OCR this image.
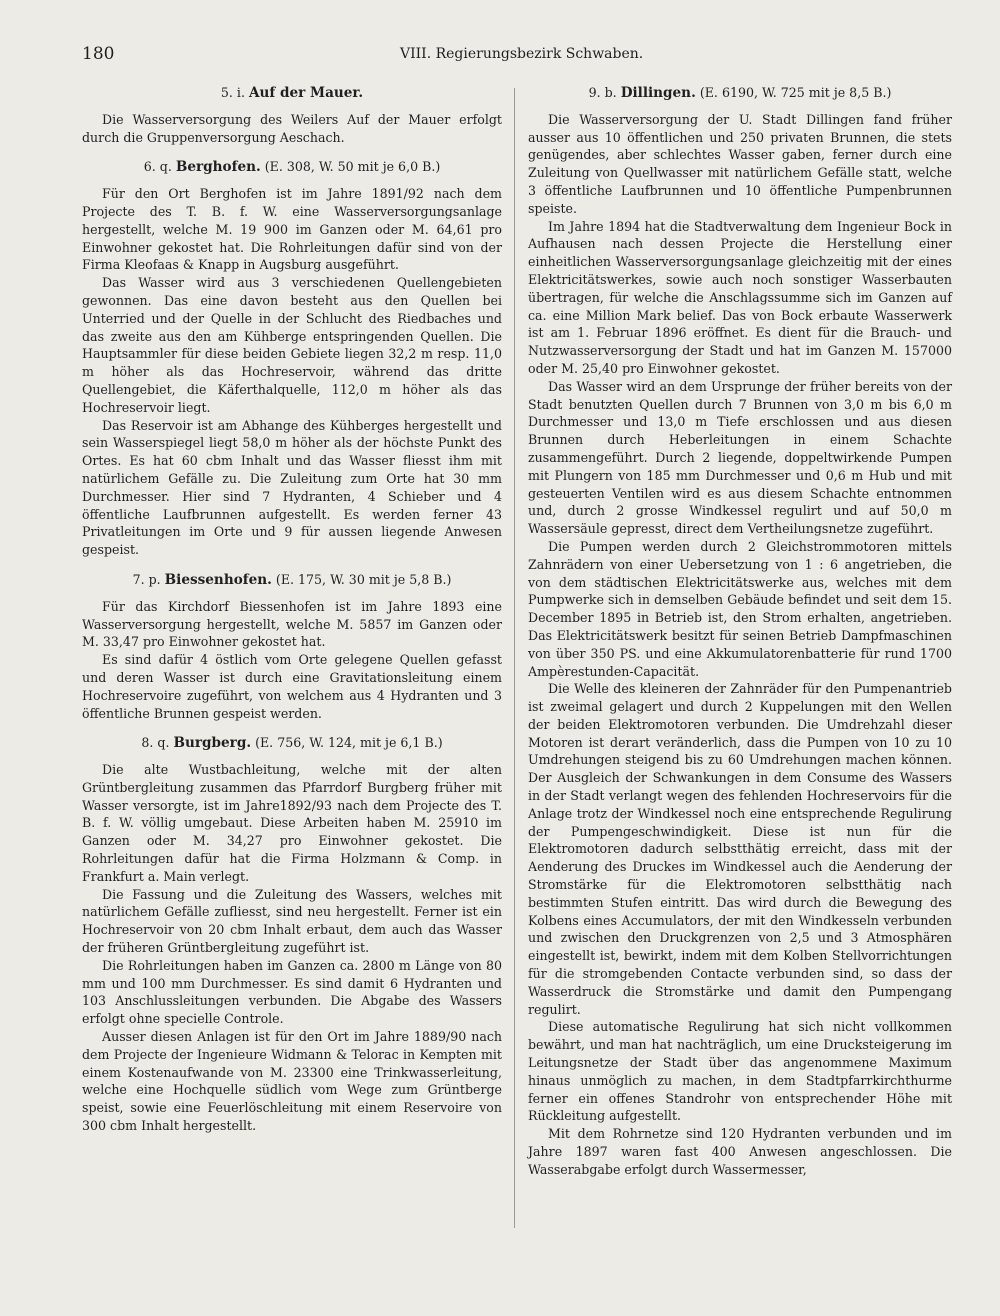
180	VIII. Regierungsbezirk Schwaben.
5. i. Auf der Mauer.

Die Wasserversorgung des Weilers Auf der Mauer erfolgt durch die Gruppenversorgung Aeschach.

6. q. Berghofen. (E. 308, W. 50 mit je 6,0 B.)

Für den Ort Berghofen ist im Jahre 1891/92 nach dem Projecte des T. B. f. W. eine Wasserversorgungsanlage hergestellt, welche M. 19 900 im Ganzen oder M. 64,61 pro Einwohner gekostet hat. Die Rohrleitungen dafür sind von der Firma Kleofaas & Knapp in Augsburg ausgeführt.

Das Wasser wird aus 3 verschiedenen Quellengebieten gewonnen. Das eine davon besteht aus den Quellen bei Unterried und der Quelle in der Schlucht des Riedbaches und das zweite aus den am Kühberge entspringenden Quellen. Die Hauptsammler für diese beiden Gebiete liegen 32,2 m resp. 11,0 m höher als das Hochreservoir, während das dritte Quellengebiet, die Käferthalquelle, 112,0 m höher als das Hochreservoir liegt.

Das Reservoir ist am Abhange des Kühberges hergestellt und sein Wasserspiegel liegt 58,0 m höher als der höchste Punkt des Ortes. Es hat 60 cbm Inhalt und das Wasser fliesst ihm mit natürlichem Gefälle zu. Die Zuleitung zum Orte hat 30 mm Durchmesser. Hier sind 7 Hydranten, 4 Schieber und 4 öffentliche Laufbrunnen aufgestellt. Es werden ferner 43 Privatleitungen im Orte und 9 für aussen liegende Anwesen gespeist.

7. p. Biessenhofen. (E. 175, W. 30 mit je 5,8 B.)

Für das Kirchdorf Biessenhofen ist im Jahre 1893 eine Wasserversorgung hergestellt, welche M. 5857 im Ganzen oder M. 33,47 pro Einwohner gekostet hat.

Es sind dafür 4 östlich vom Orte gelegene Quellen gefasst und deren Wasser ist durch eine Gravitationsleitung einem Hochreservoire zugeführt, von welchem aus 4 Hydranten und 3 öffentliche Brunnen gespeist werden.

8. q. Burgberg. (E. 756, W. 124, mit je 6,1 B.)

Die alte Wustbachleitung, welche mit der alten Grüntbergleitung zusammen das Pfarrdorf Burgberg früher mit Wasser versorgte, ist im Jahre1892/93 nach dem Projecte des T. B. f. W. völlig umgebaut. Diese Arbeiten haben M. 25910 im Ganzen oder M. 34,27 pro Einwohner gekostet. Die Rohrleitungen dafür hat die Firma Holzmann & Comp. in Frankfurt a. Main verlegt.

Die Fassung und die Zuleitung des Wassers, welches mit natürlichem Gefälle zufliesst, sind neu hergestellt. Ferner ist ein Hochreservoir von 20 cbm Inhalt erbaut, dem auch das Wasser der früheren Grüntbergleitung zugeführt ist.

Die Rohrleitungen haben im Ganzen ca. 2800 m Länge von 80 mm und 100 mm Durchmesser. Es sind damit 6 Hydranten und 103 Anschlussleitungen verbunden. Die Abgabe des Wassers erfolgt ohne specielle Controle.

Ausser diesen Anlagen ist für den Ort im Jahre 1889/90 nach dem Projecte der Ingenieure Widmann & Telorac in Kempten mit einem Kostenaufwande von M. 23300 eine Trinkwasserleitung, welche eine Hochquelle südlich vom Wege zum Grüntberge speist, sowie eine Feuerlöschleitung mit einem Reservoire von 300 cbm Inhalt hergestellt.

9. b. Dillingen. (E. 6190, W. 725 mit je 8,5 B.)

Die Wasserversorgung der U. Stadt Dillingen fand früher ausser aus 10 öffentlichen und 250 privaten Brunnen, die stets genügendes, aber schlechtes Wasser gaben, ferner durch eine Zuleitung von Quellwasser mit natürlichem Gefälle statt, welche 3 öffentliche Laufbrunnen und 10 öffentliche Pumpenbrunnen speiste.

Im Jahre 1894 hat die Stadtverwaltung dem Ingenieur Bock in Aufhausen nach dessen Projecte die Herstellung einer einheitlichen Wasserversorgungsanlage gleichzeitig mit der eines Elektricitätswerkes, sowie auch noch sonstiger Wasserbauten übertragen, für welche die Anschlagssumme sich im Ganzen auf ca. eine Million Mark belief. Das von Bock erbaute Wasserwerk ist am 1. Februar 1896 eröffnet. Es dient für die Brauch- und Nutzwasserversorgung der Stadt und hat im Ganzen M. 157000 oder M. 25,40 pro Einwohner gekostet.

Das Wasser wird an dem Ursprunge der früher bereits von der Stadt benutzten Quellen durch 7 Brunnen von 3,0 m bis 6,0 m Durchmesser und 13,0 m Tiefe erschlossen und aus diesen Brunnen durch Heberleitungen in einem Schachte zusammengeführt. Durch 2 liegende, doppeltwirkende Pumpen mit Plungern von 185 mm Durchmesser und 0,6 m Hub und mit gesteuerten Ventilen wird es aus diesem Schachte entnommen und, durch 2 grosse Windkessel regulirt und auf 50,0 m Wassersäule gepresst, direct dem Vertheilungsnetze zugeführt.

Die Pumpen werden durch 2 Gleichstrommotoren mittels Zahnrädern von einer Uebersetzung von 1 : 6 angetrieben, die von dem städtischen Elektricitätswerke aus, welches mit dem Pumpwerke sich in demselben Gebäude befindet und seit dem 15. December 1895 in Betrieb ist, den Strom erhalten, angetrieben. Das Elektricitätswerk besitzt für seinen Betrieb Dampfmaschinen von über 350 PS. und eine Akkumulatorenbatterie für rund 1700 Ampèrestunden-Capacität.

Die Welle des kleineren der Zahnräder für den Pumpenantrieb ist zweimal gelagert und durch 2 Kuppelungen mit den Wellen der beiden Elektromotoren verbunden. Die Umdrehzahl dieser Motoren ist derart veränderlich, dass die Pumpen von 10 zu 10 Umdrehungen steigend bis zu 60 Umdrehungen machen können. Der Ausgleich der Schwankungen in dem Consume des Wassers in der Stadt verlangt wegen des fehlenden Hochreservoirs für die Anlage trotz der Windkessel noch eine entsprechende Regulirung der Pumpengeschwindigkeit. Diese ist nun für die Elektromotoren dadurch selbstthätig erreicht, dass mit der Aenderung des Druckes im Windkessel auch die Aenderung der Stromstärke für die Elektromotoren selbstthätig nach bestimmten Stufen eintritt. Das wird durch die Bewegung des Kolbens eines Accumulators, der mit den Windkesseln verbunden und zwischen den Druckgrenzen von 2,5 und 3 Atmosphären eingestellt ist, bewirkt, indem mit dem Kolben Stellvorrichtungen für die stromgebenden Contacte verbunden sind, so dass der Wasserdruck die Stromstärke und damit den Pumpengang regulirt.

Diese automatische Regulirung hat sich nicht vollkommen bewährt, und man hat nachträglich, um eine Drucksteigerung im Leitungsnetze der Stadt über das angenommene Maximum hinaus unmöglich zu machen, in dem Stadtpfarrkirchthurme ferner ein offenes Standrohr von entsprechender Höhe mit Rückleitung aufgestellt.

Mit dem Rohrnetze sind 120 Hydranten verbunden und im Jahre 1897 waren fast 400 Anwesen angeschlossen. Die Wasserabgabe erfolgt durch Wassermesser,
